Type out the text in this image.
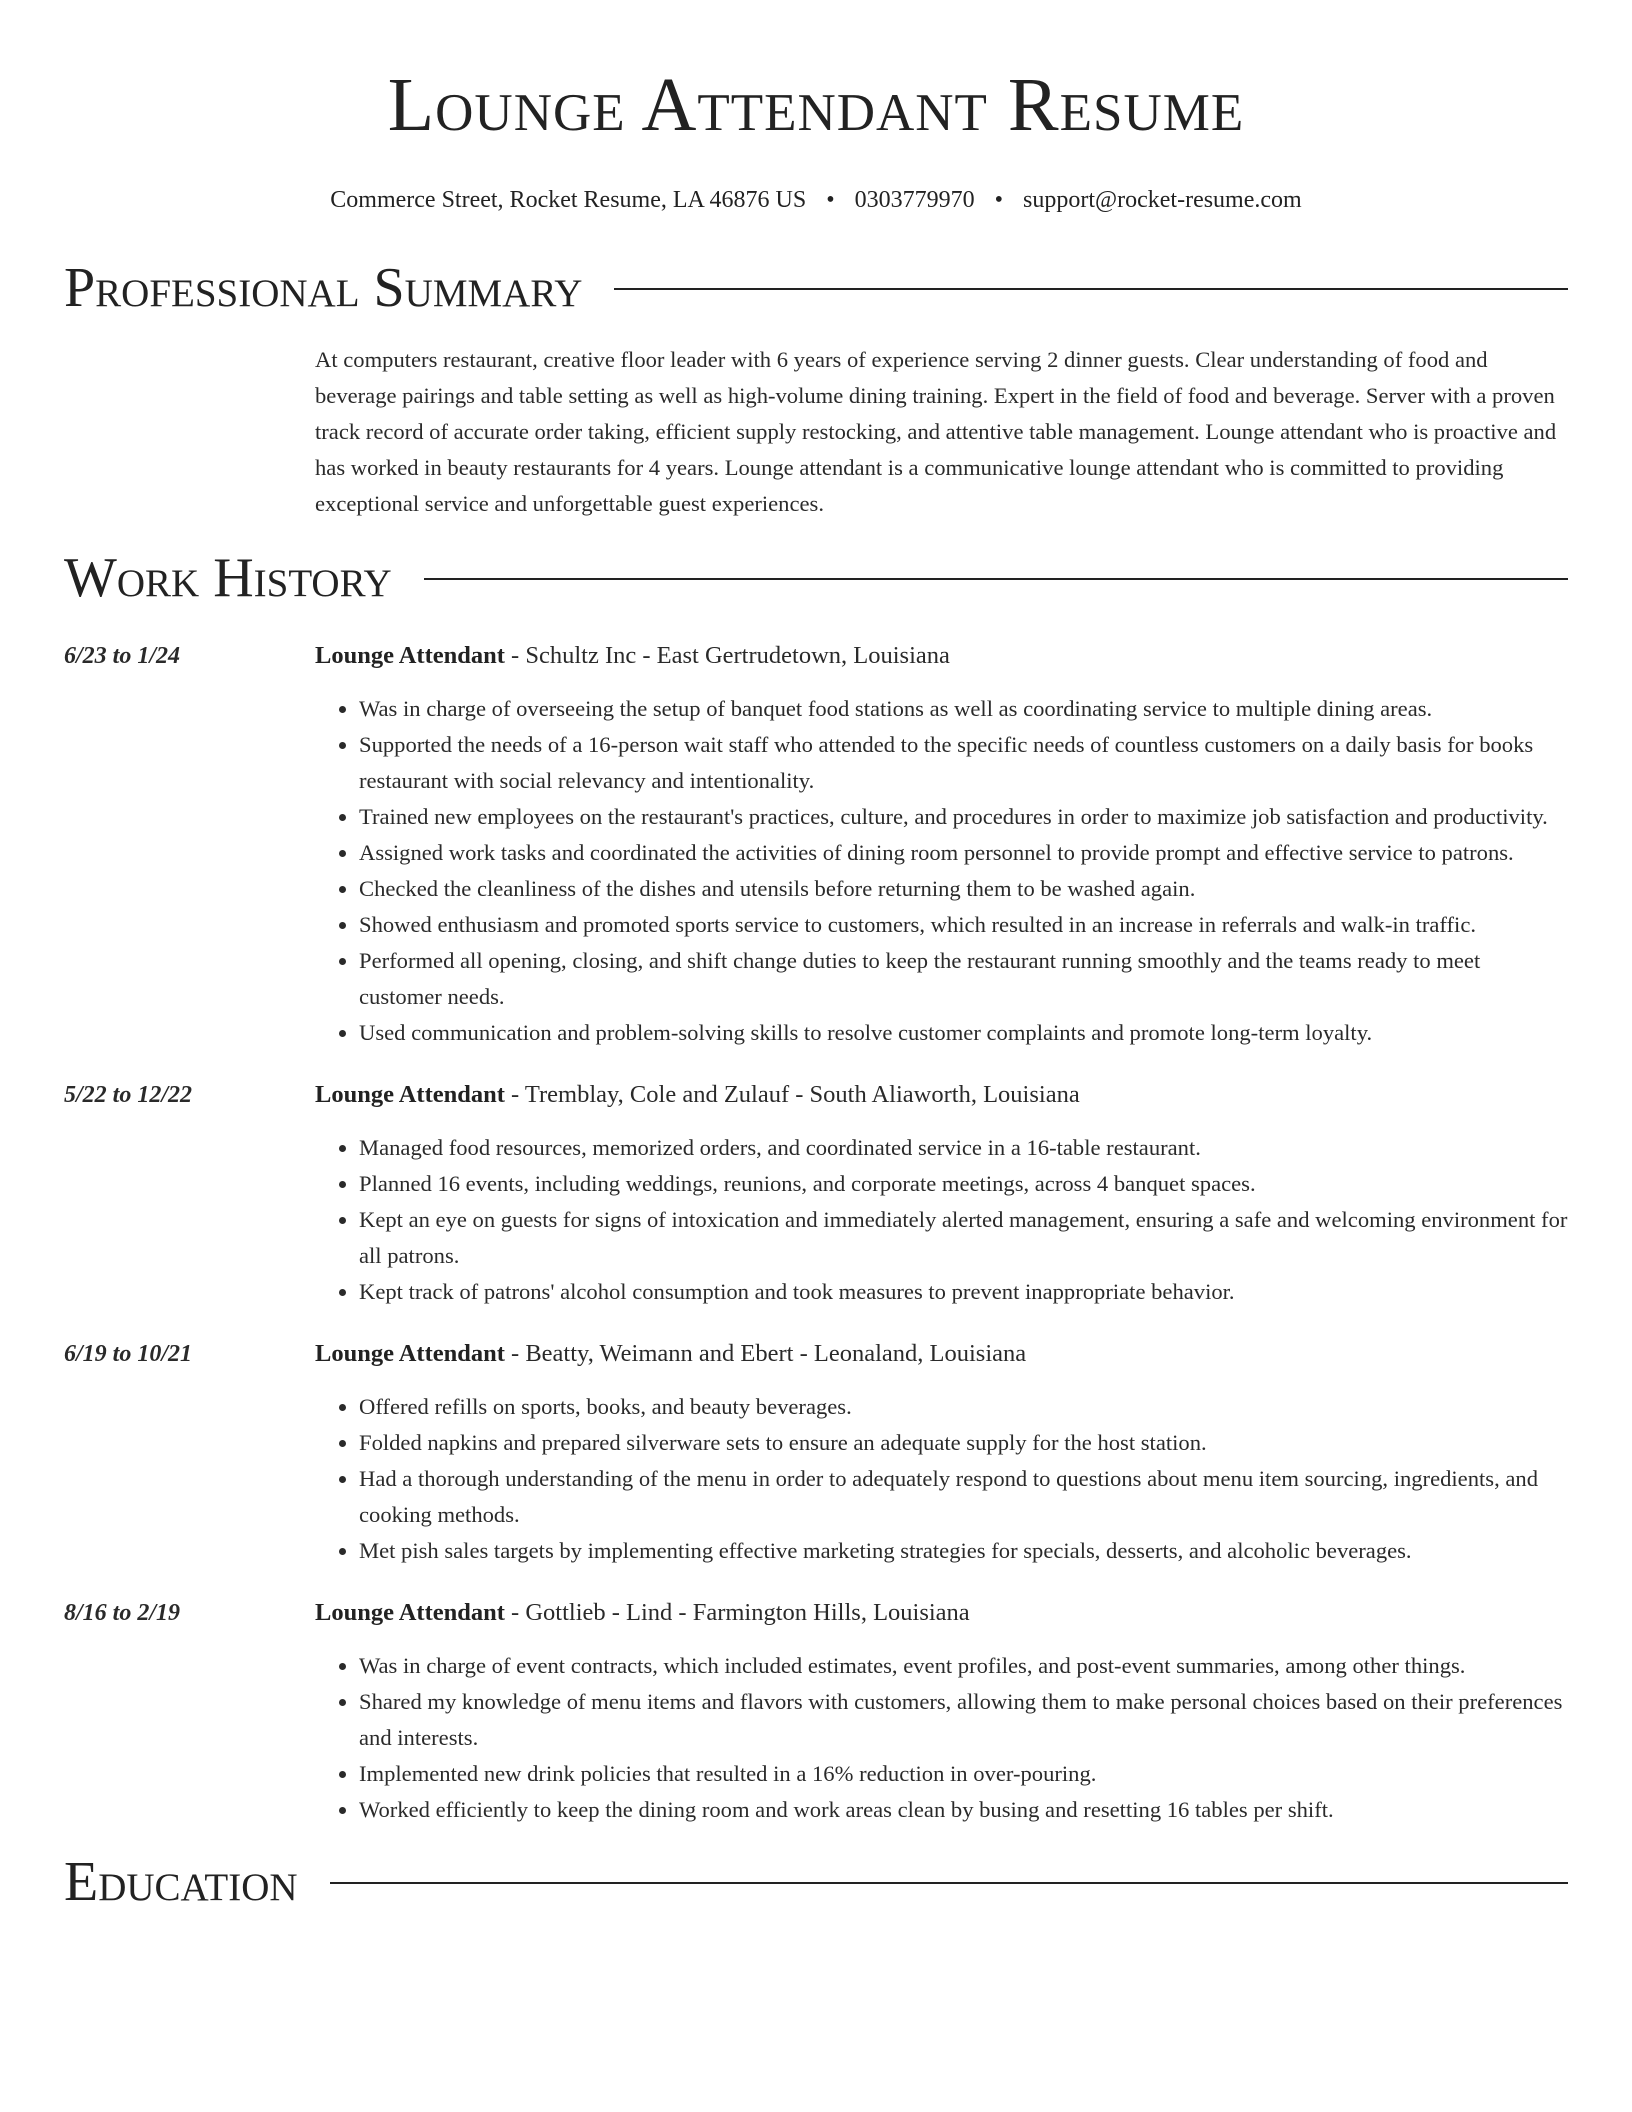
Lounge Attendant Resume
Commerce Street, Rocket Resume, LA 46876 US • 0303779970 • support@rocket-resume.com
Professional Summary

At computers restaurant, creative floor leader with 6 years of experience serving 2 dinner guests. Clear understanding of food and beverage pairings and table setting as well as high-volume dining training. Expert in the field of food and beverage. Server with a proven track record of accurate order taking, efficient supply restocking, and attentive table management. Lounge attendant who is proactive and has worked in beauty restaurants for 4 years. Lounge attendant is a communicative lounge attendant who is committed to providing exceptional service and unforgettable guest experiences.

Work History
6/23 to 1/24	Lounge Attendant - Schultz Inc - East Gertrudetown, Louisiana
• Was in charge of overseeing the setup of banquet food stations as well as coordinating service to multiple dining areas.
• Supported the needs of a 16-person wait staff who attended to the specific needs of countless customers on a daily basis for books restaurant with social relevancy and intentionality.
• Trained new employees on the restaurant's practices, culture, and procedures in order to maximize job satisfaction and productivity.
• Assigned work tasks and coordinated the activities of dining room personnel to provide prompt and effective service to patrons.
• Checked the cleanliness of the dishes and utensils before returning them to be washed again.
• Showed enthusiasm and promoted sports service to customers, which resulted in an increase in referrals and walk-in traffic.
• Performed all opening, closing, and shift change duties to keep the restaurant running smoothly and the teams ready to meet customer needs.
• Used communication and problem-solving skills to resolve customer complaints and promote long-term loyalty.
5/22 to 12/22	Lounge Attendant - Tremblay, Cole and Zulauf - South Aliaworth, Louisiana
• Managed food resources, memorized orders, and coordinated service in a 16-table restaurant.
• Planned 16 events, including weddings, reunions, and corporate meetings, across 4 banquet spaces.
• Kept an eye on guests for signs of intoxication and immediately alerted management, ensuring a safe and welcoming environment for all patrons.
• Kept track of patrons' alcohol consumption and took measures to prevent inappropriate behavior.
6/19 to 10/21	Lounge Attendant - Beatty, Weimann and Ebert - Leonaland, Louisiana
• Offered refills on sports, books, and beauty beverages.
• Folded napkins and prepared silverware sets to ensure an adequate supply for the host station.
• Had a thorough understanding of the menu in order to adequately respond to questions about menu item sourcing, ingredients, and cooking methods.
• Met pish sales targets by implementing effective marketing strategies for specials, desserts, and alcoholic beverages.
8/16 to 2/19	Lounge Attendant - Gottlieb - Lind - Farmington Hills, Louisiana
• Was in charge of event contracts, which included estimates, event profiles, and post-event summaries, among other things.
• Shared my knowledge of menu items and flavors with customers, allowing them to make personal choices based on their preferences and interests.
• Implemented new drink policies that resulted in a 16% reduction in over-pouring.
• Worked efficiently to keep the dining room and work areas clean by busing and resetting 16 tables per shift.
Education
